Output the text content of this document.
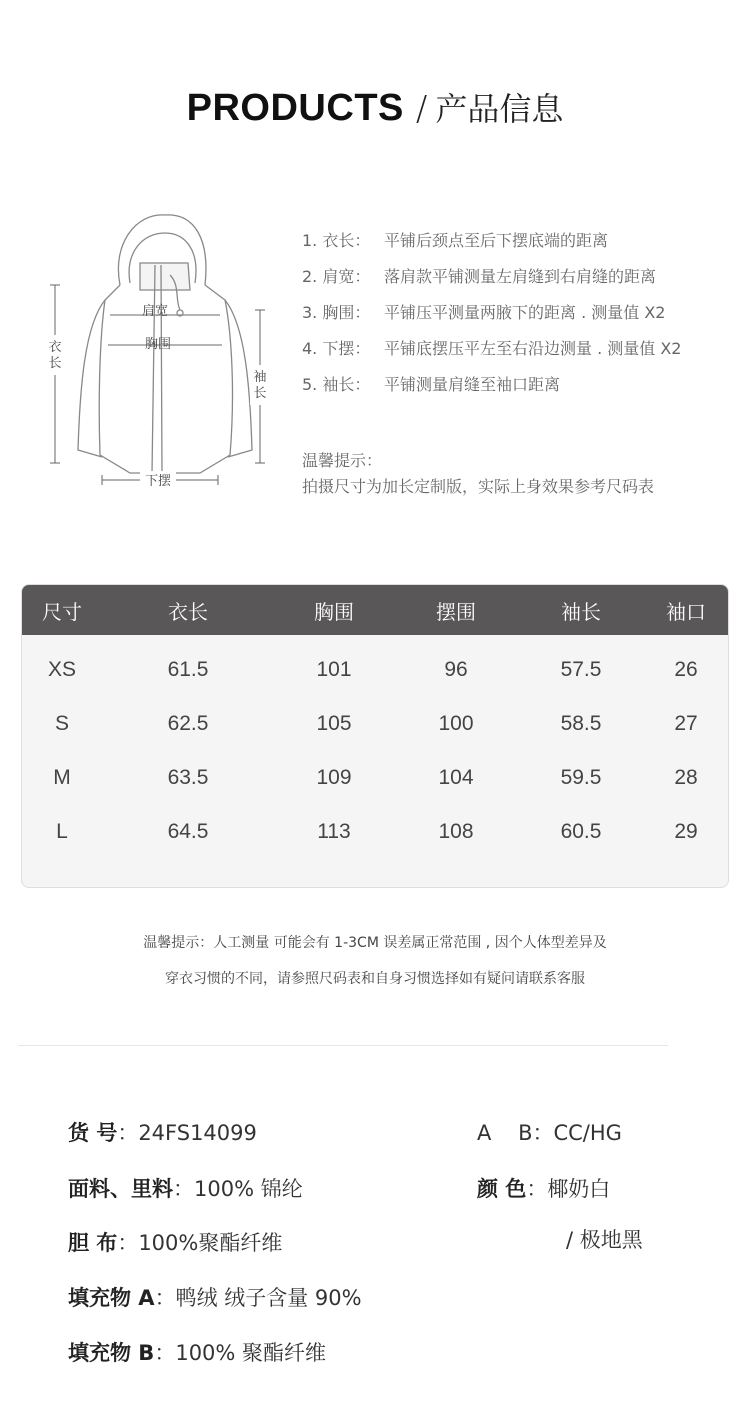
PRODUCTS / 产品信息
衣
长
袖
长
肩宽
胸围
下摆
1. 衣长： 平铺后颈点至后下摆底端的距离
2. 肩宽： 落肩款平铺测量左肩缝到右肩缝的距离
3. 胸围： 平铺压平测量两腋下的距离 . 测量值 X2
4. 下摆： 平铺底摆压平左至右沿边测量 . 测量值 X2
5. 袖长： 平铺测量肩缝至袖口距离
温馨提示：
拍摄尺寸为加长定制版，实际上身效果参考尺码表
尺寸	衣长	胸围	摆围	袖长	袖口
XS	61.5	101	96	57.5	26
S	62.5	105	100	58.5	27
M	63.5	109	104	59.5	28
L	64.5	113	108	60.5	29
温馨提示：人工测量 可能会有 1-3CM 误差属正常范围 , 因个人体型差异及
穿衣习惯的不同，请参照尺码表和自身习惯选择如有疑问请联系客服
货 号：24FS14099
面料、里料：100% 锦纶
胆 布：100%聚酯纤维
填充物 A：鸭绒 绒子含量 90%
填充物 B：100% 聚酯纤维
A    B：CC/HG
颜 色：椰奶白
/ 极地黑
